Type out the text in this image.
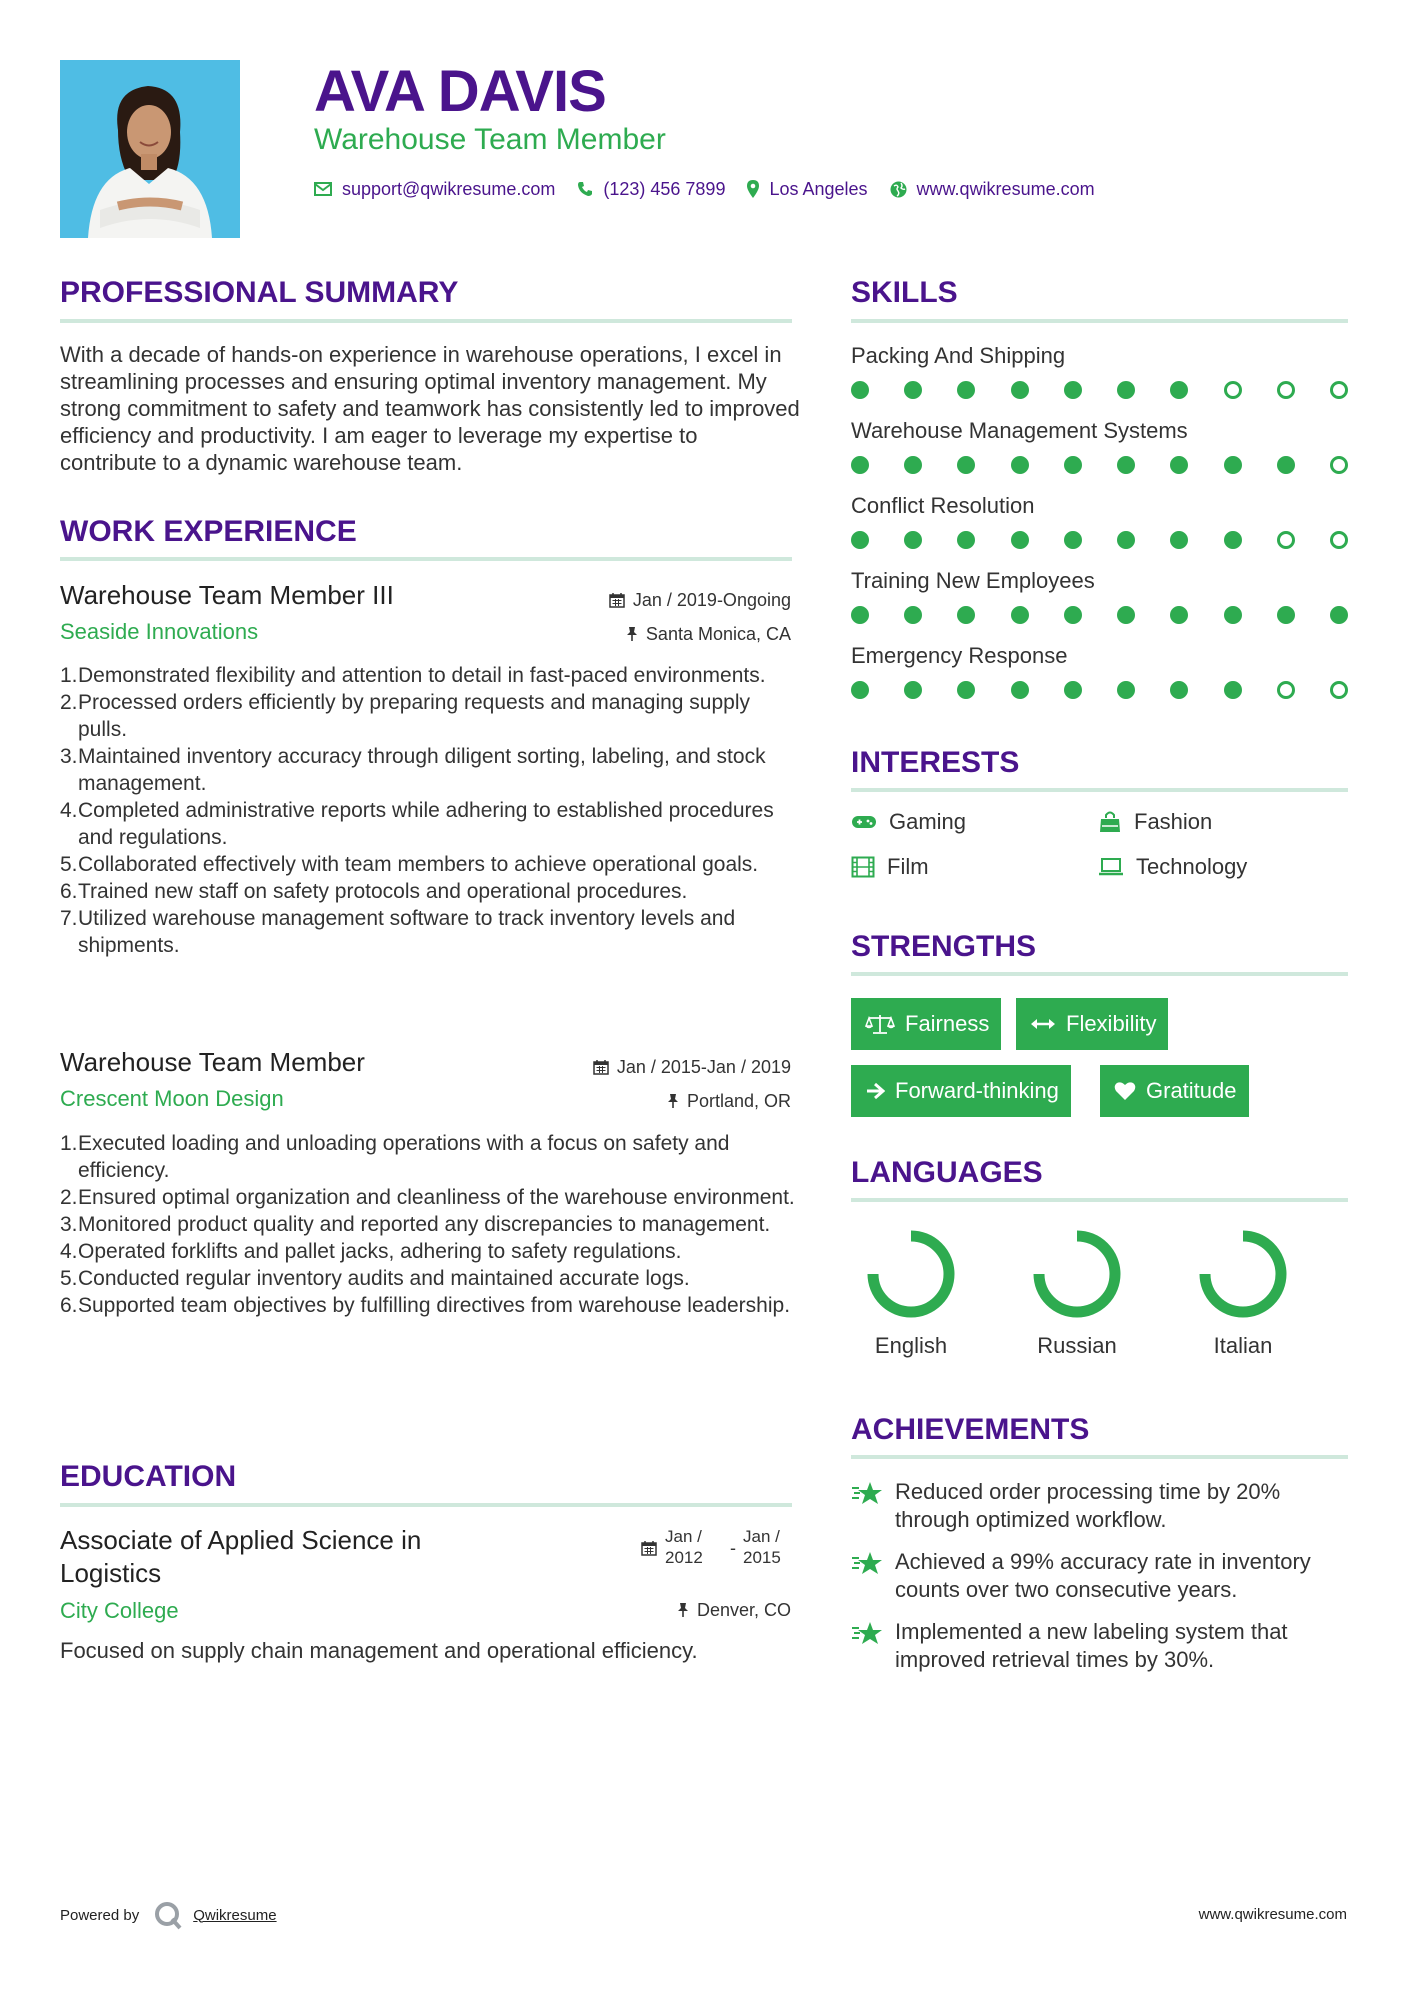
AVA DAVIS
Warehouse Team Member
support@qwikresume.com	(123) 456 7899 Los Angeles	www.qwikresume.com
PROFESSIONAL SUMMARY
With a decade of hands-on experience in warehouse operations, I excel in streamlining processes and ensuring optimal inventory management. My strong commitment to safety and teamwork has consistently led to improved efficiency and productivity. I am eager to leverage my expertise to contribute to a dynamic warehouse team.
WORK EXPERIENCE
Warehouse Team Member III	Jan / 2019-Ongoing
Seaside Innovations	Santa Monica, CA
1. Demonstrated flexibility and attention to detail in fast-paced environments.
2. Processed orders efficiently by preparing requests and managing supply pulls.
3. Maintained inventory accuracy through diligent sorting, labeling, and stock management.
4. Completed administrative reports while adhering to established procedures and regulations.
5. Collaborated effectively with team members to achieve operational goals.
6. Trained new staff on safety protocols and operational procedures.
7. Utilized warehouse management software to track inventory levels and shipments.
Warehouse Team Member	Jan / 2015-Jan / 2019
Crescent Moon Design	Portland, OR
1. Executed loading and unloading operations with a focus on safety and efficiency.
2. Ensured optimal organization and cleanliness of the warehouse environment.
3. Monitored product quality and reported any discrepancies to management.
4. Operated forklifts and pallet jacks, adhering to safety regulations.
5. Conducted regular inventory audits and maintained accurate logs.
6. Supported team objectives by fulfilling directives from warehouse leadership.
EDUCATION
Associate of Applied Science in Logistics
Jan / 2012	-
Jan / 2015
City College	Denver, CO
Focused on supply chain management and operational efficiency.
SKILLS
Packing And Shipping
Warehouse Management Systems
Conflict Resolution
Training New Employees
Emergency Response
INTERESTS
Gaming	Fashion
Film	Technology
STRENGTHS
Fairness	Flexibility
Forward-thinking	Gratitude
LANGUAGES
English	Russian	Italian
ACHIEVEMENTS
Reduced order processing time by 20% through optimized workflow.
Achieved a 99% accuracy rate in inventory counts over two consecutive years.
Implemented a new labeling system that improved retrieval times by 30%.
Powered by	Qwikresume	www.qwikresume.com
